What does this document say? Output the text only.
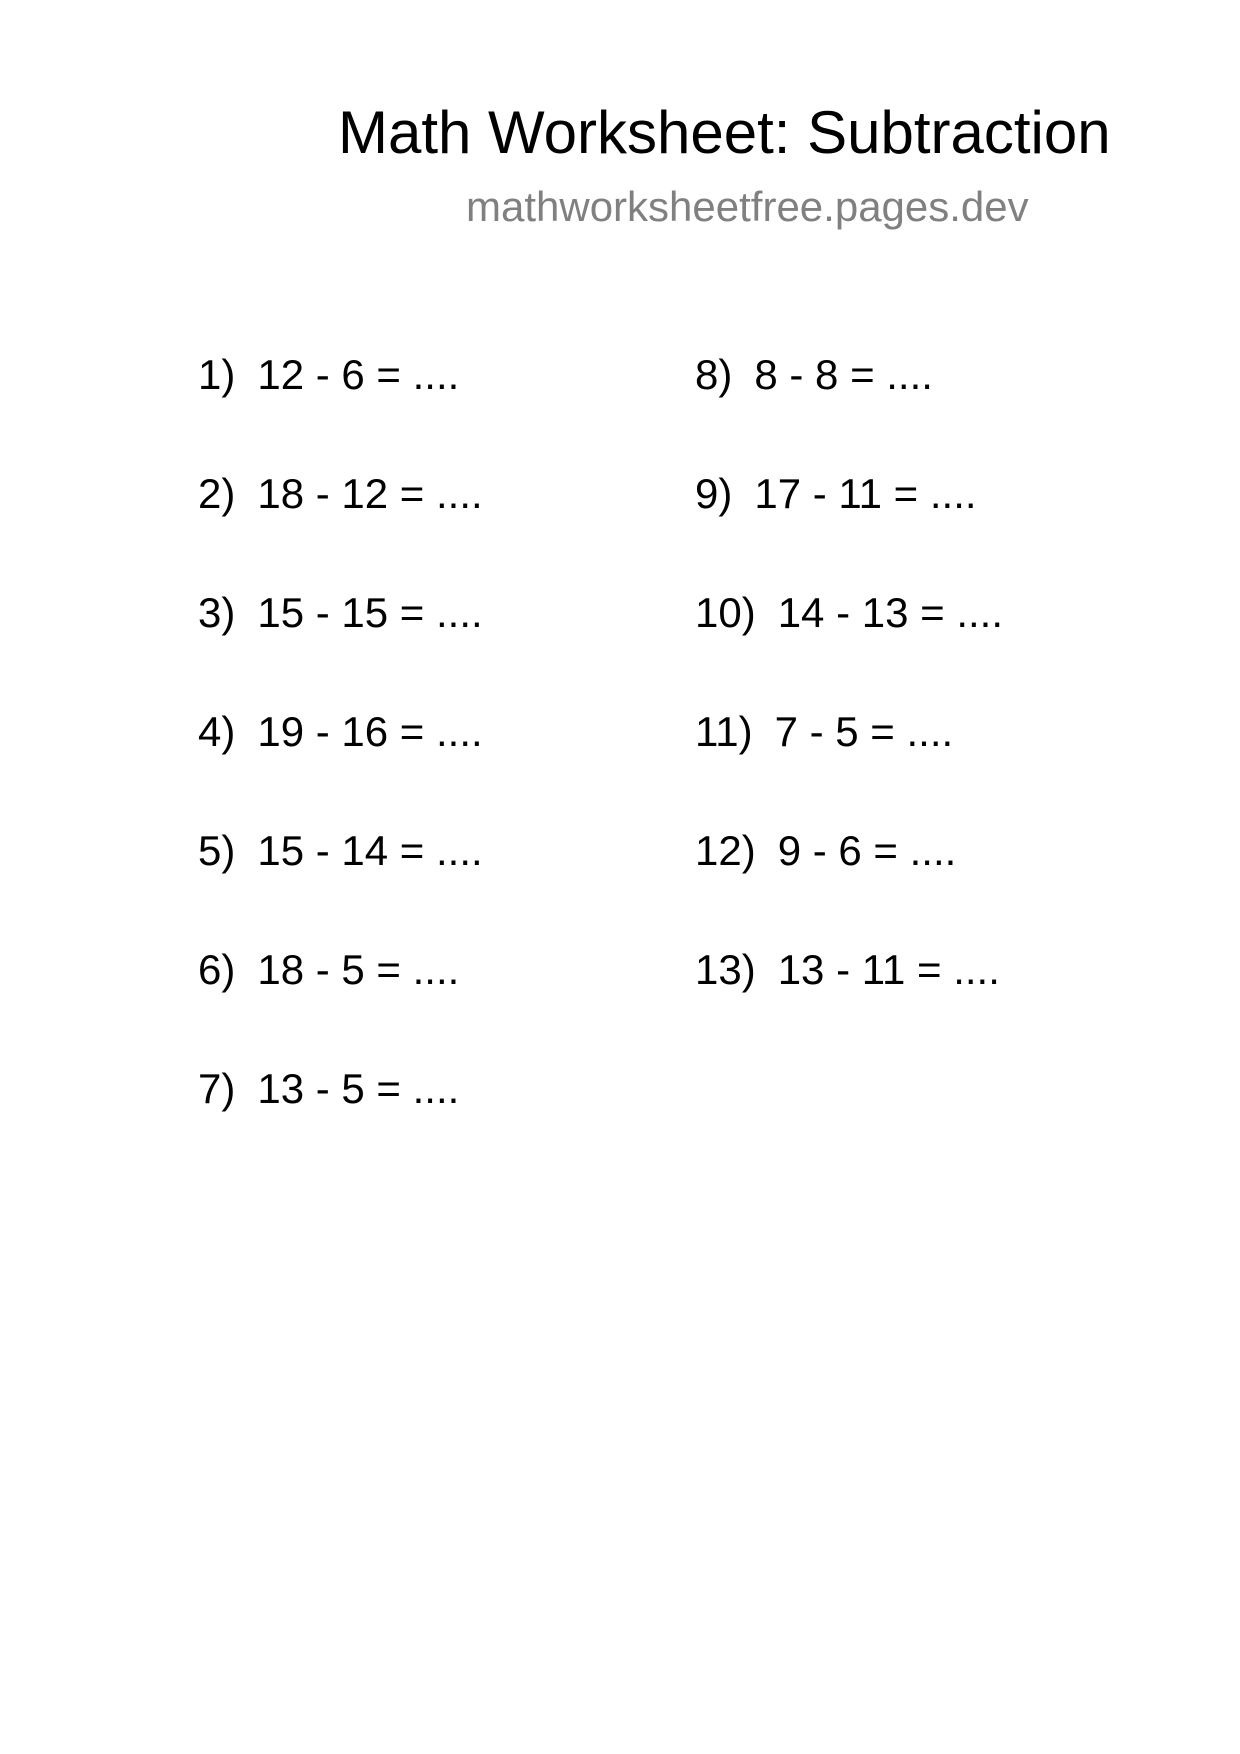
Math Worksheet: Subtraction
mathworksheetfree.pages.dev
1) 12 - 6 = ....
2) 18 - 12 = ....
3) 15 - 15 = ....
4) 19 - 16 = ....
5) 15 - 14 = ....
6) 18 - 5 = ....
7) 13 - 5 = ....
8) 8 - 8 = ....
9) 17 - 11 = ....
10) 14 - 13 = ....
11) 7 - 5 = ....
12) 9 - 6 = ....
13) 13 - 11 = ....
